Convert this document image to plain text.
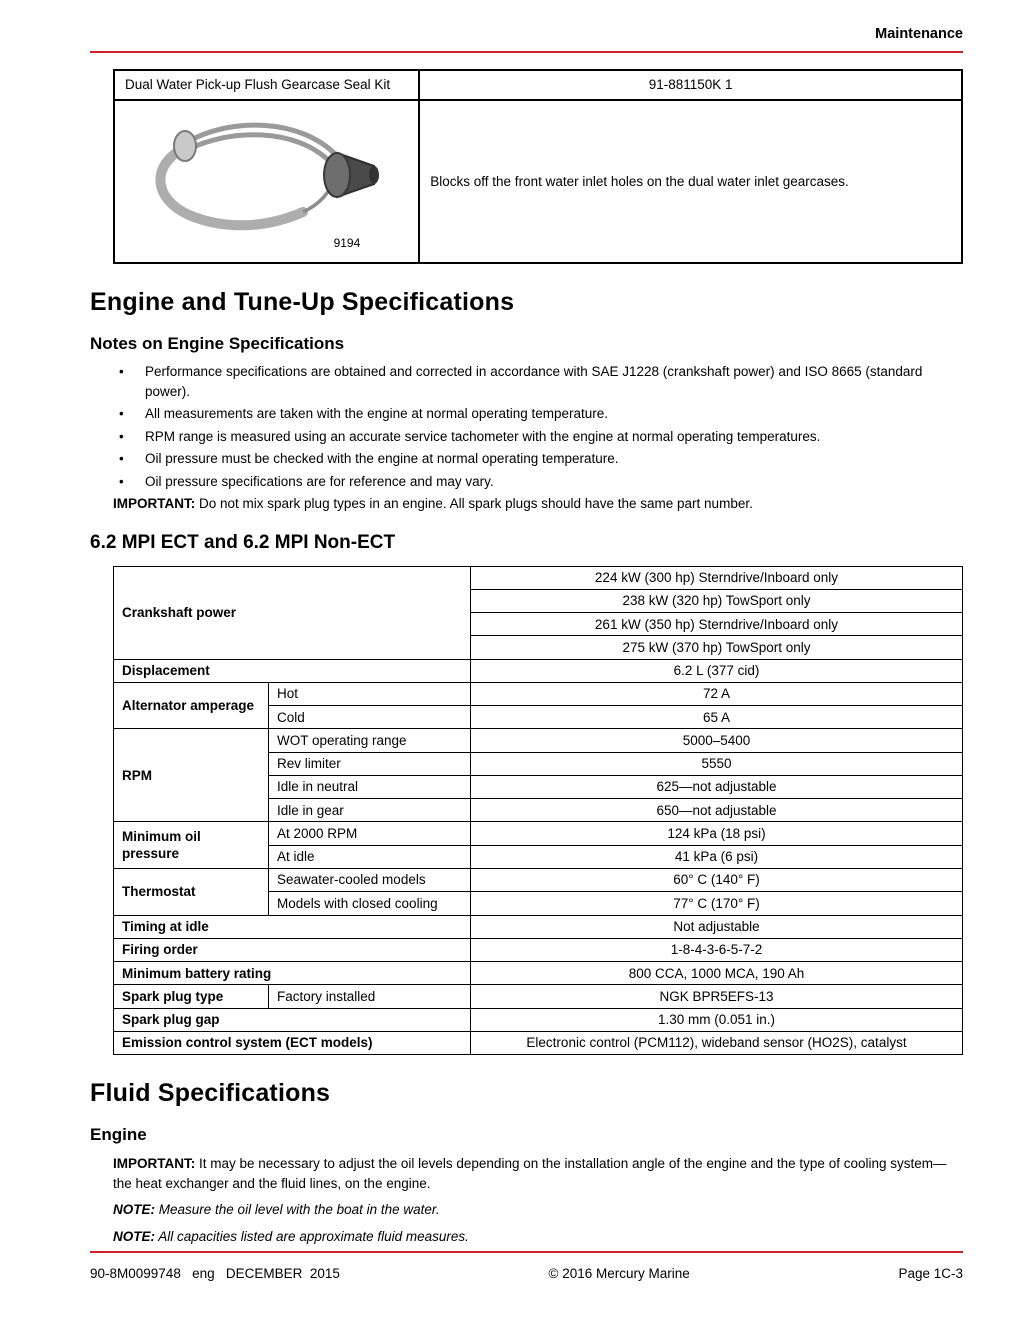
Maintenance
Dual Water Pick-up Flush Gearcase Seal Kit	91-881150K 1

9194	Blocks off the front water inlet holes on the dual water inlet gearcases.
Engine and Tune-Up Specifications
Notes on Engine Specifications
• Performance specifications are obtained and corrected in accordance with SAE J1228 (crankshaft power) and ISO 8665 (standard power).
• All measurements are taken with the engine at normal operating temperature.
• RPM range is measured using an accurate service tachometer with the engine at normal operating temperatures.
• Oil pressure must be checked with the engine at normal operating temperature.
• Oil pressure specifications are for reference and may vary.

IMPORTANT: Do not mix spark plug types in an engine. All spark plugs should have the same part number.

6.2 MPI ECT and 6.2 MPI Non-ECT
Crankshaft power		224 kW (300 hp) Sterndrive/Inboard only
		238 kW (320 hp) TowSport only
		261 kW (350 hp) Sterndrive/Inboard only
		275 kW (370 hp) TowSport only
Displacement		6.2 L (377 cid)
Alternator amperage	Hot	72 A
	Cold	65 A
RPM	WOT operating range	5000–5400
	Rev limiter	5550
	Idle in neutral	625—not adjustable
	Idle in gear	650—not adjustable
Minimum oil pressure	At 2000 RPM	124 kPa (18 psi)
	At idle	41 kPa (6 psi)
Thermostat	Seawater-cooled models	60° C (140° F)
	Models with closed cooling	77° C (170° F)
Timing at idle		Not adjustable
Firing order		1-8-4-3-6-5-7-2
Minimum battery rating		800 CCA, 1000 MCA, 190 Ah
Spark plug type	Factory installed	NGK BPR5EFS-13
Spark plug gap		1.30 mm (0.051 in.)
Emission control system (ECT models)		Electronic control (PCM112), wideband sensor (HO2S), catalyst
Fluid Specifications
Engine

IMPORTANT: It may be necessary to adjust the oil levels depending on the installation angle of the engine and the type of cooling system—the heat exchanger and the fluid lines, on the engine.

NOTE: Measure the oil level with the boat in the water.

NOTE: All capacities listed are approximate fluid measures.

90-8M0099748   eng   DECEMBER  2015	© 2016 Mercury Marine	Page 1C-3
